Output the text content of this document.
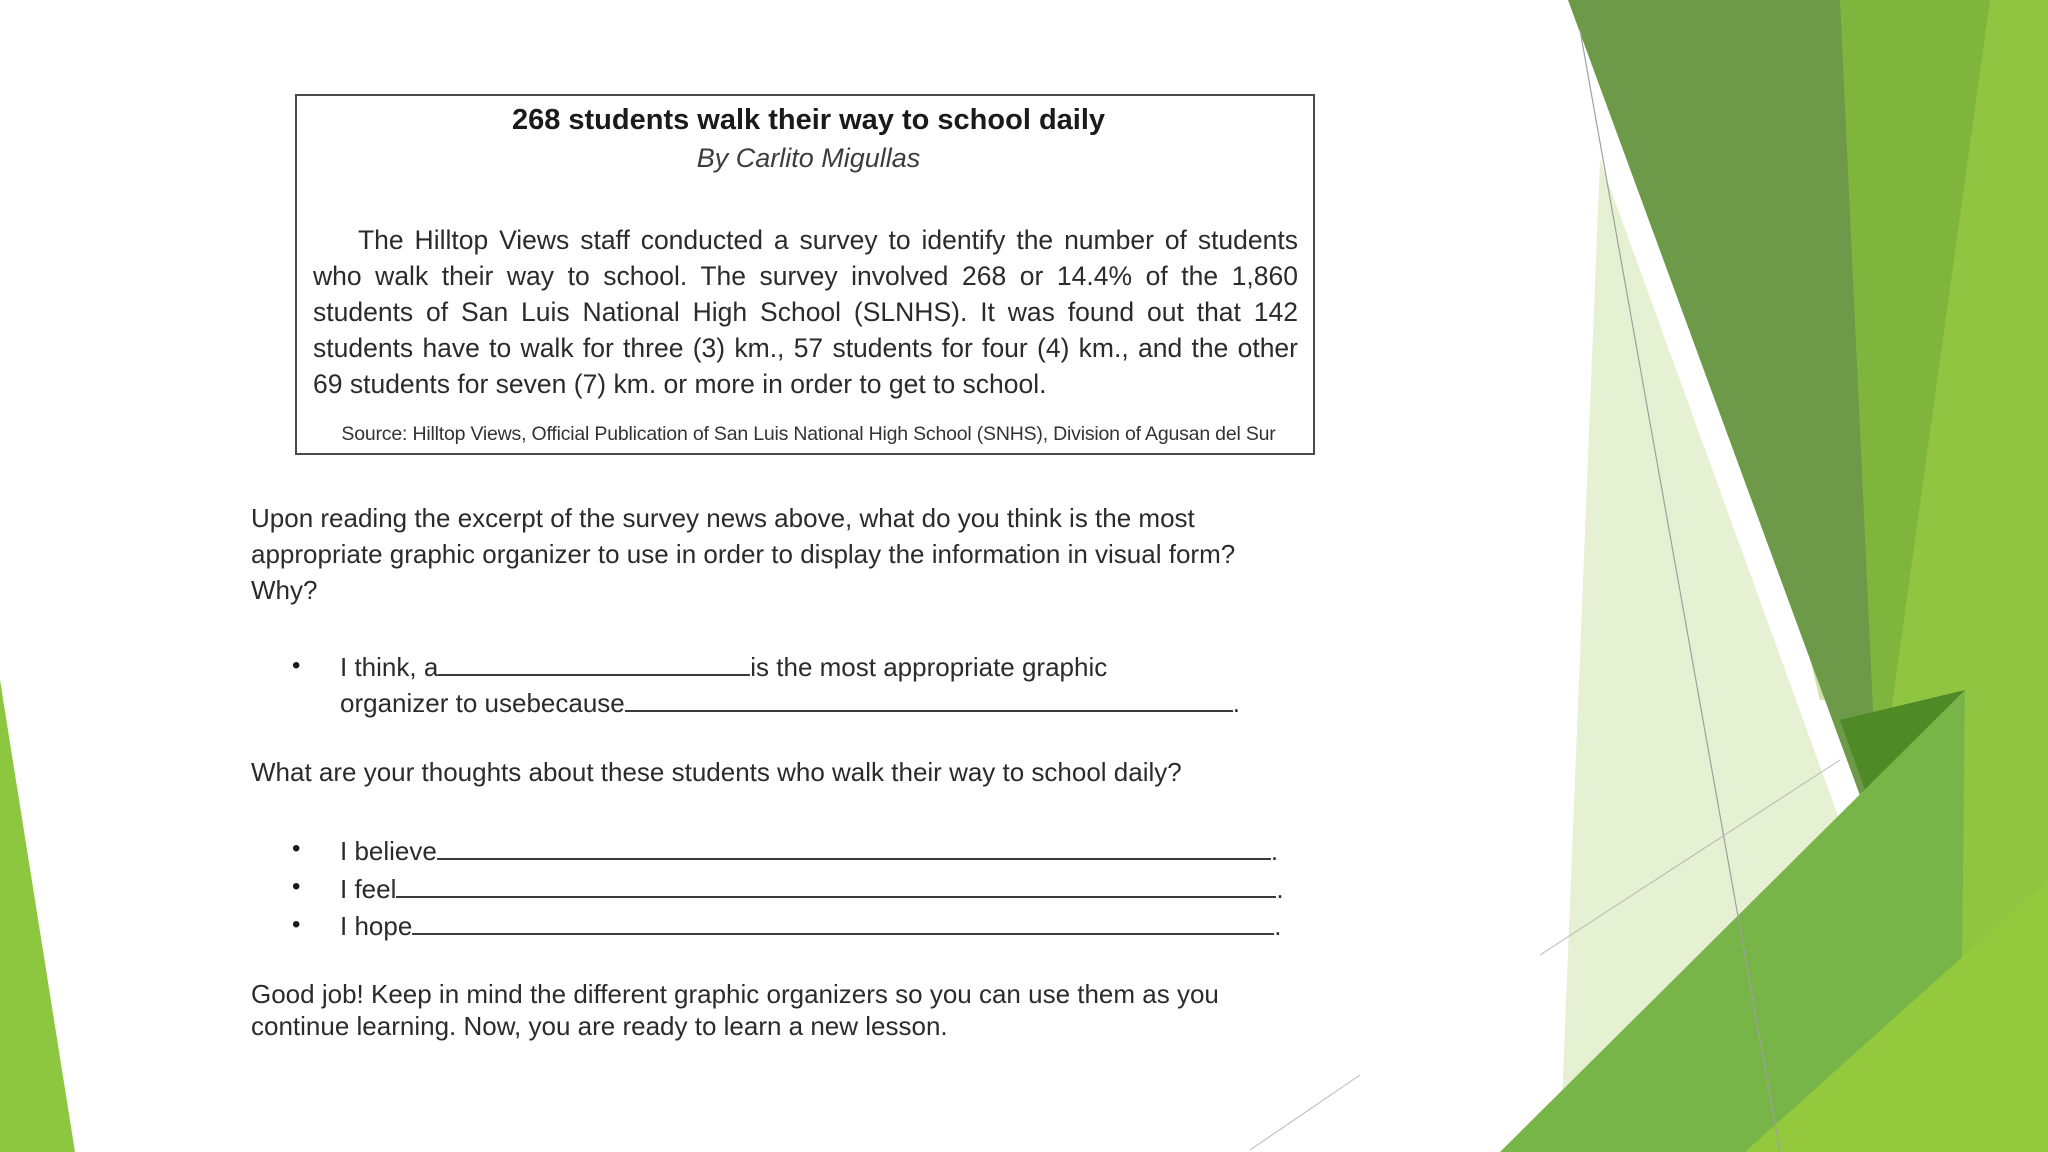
268 students walk their way to school daily

By Carlito Migullas

The Hilltop Views staff conducted a survey to identify the number of students who walk their way to school. The survey involved 268 or 14.4% of the 1,860 students of San Luis National High School (SLNHS). It was found out that 142 students have to walk for three (3) km., 57 students for four (4) km., and the other 69 students for seven (7) km. or more in order to get to school.

Source: Hilltop Views, Official Publication of San Luis National High School (SNHS), Division of Agusan del Sur

Upon reading the excerpt of the survey news above, what do you think is the most appropriate graphic organizer to use in order to display the information in visual form? Why?

• I think, a	is the most appropriate graphic
organizer to usebecause	.

What are your thoughts about these students who walk their way to school daily?

• I believe	.
• I feel	.
• I hope	.

Good job! Keep in mind the different graphic organizers so you can use them as you continue learning. Now, you are ready to learn a new lesson.
